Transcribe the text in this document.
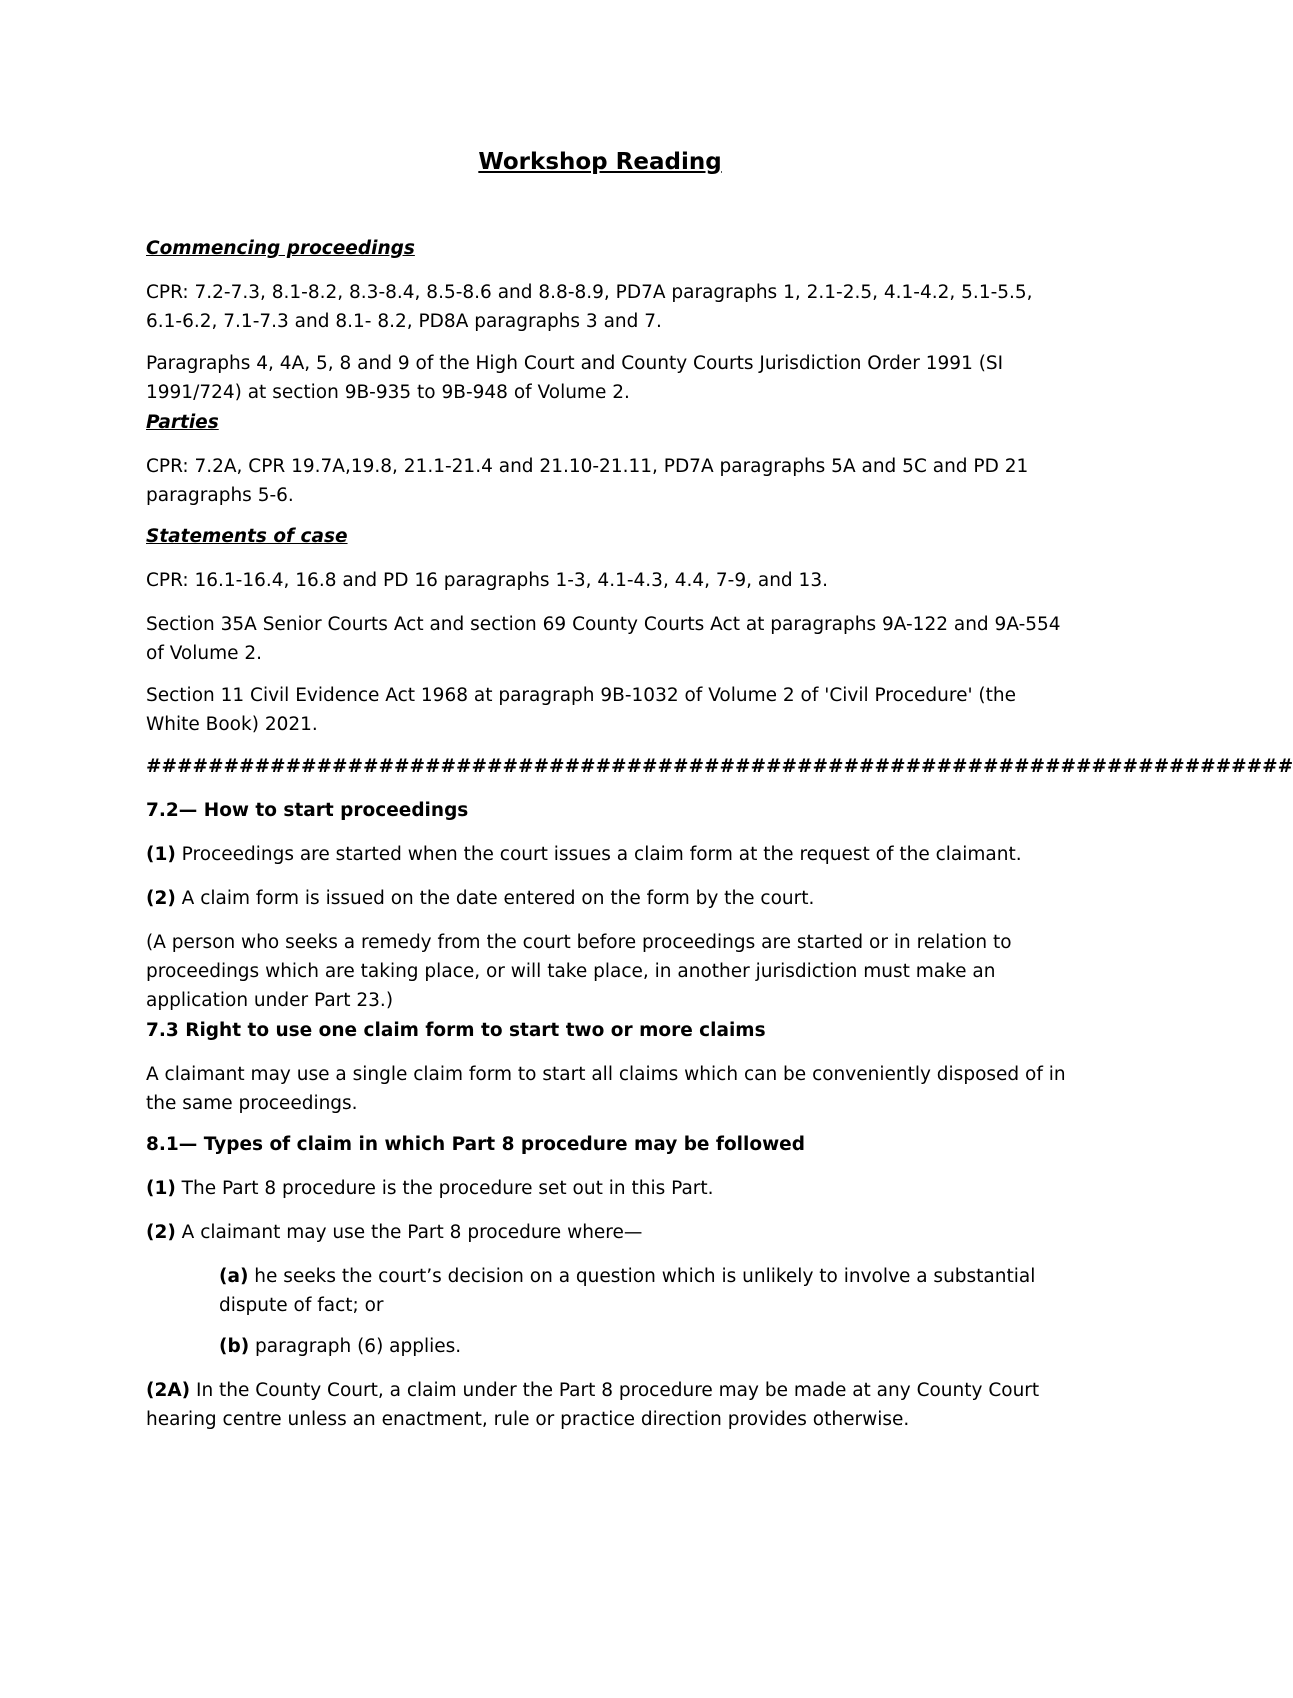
Workshop Reading

Commencing proceedings

CPR: 7.2-7.3, 8.1-8.2, 8.3-8.4, 8.5-8.6 and 8.8-8.9, PD7A paragraphs 1, 2.1-2.5, 4.1-4.2, 5.1-5.5, 6.1-6.2, 7.1-7.3 and 8.1- 8.2, PD8A paragraphs 3 and 7.

Paragraphs 4, 4A, 5, 8 and 9 of the High Court and County Courts Jurisdiction Order 1991 (SI 1991/724) at section 9B-935 to 9B-948 of Volume 2.

Parties

CPR: 7.2A, CPR 19.7A,19.8, 21.1-21.4 and 21.10-21.11, PD7A paragraphs 5A and 5C and PD 21 paragraphs 5-6.

Statements of case

CPR: 16.1-16.4, 16.8 and PD 16 paragraphs 1-3, 4.1-4.3, 4.4, 7-9, and 13.

Section 35A Senior Courts Act and section 69 County Courts Act at paragraphs 9A-122 and 9A-554 of Volume 2.

Section 11 Civil Evidence Act 1968 at paragraph 9B-1032 of Volume 2 of 'Civil Procedure' (the White Book) 2021.

##########################################################################

7.2— How to start proceedings

(1) Proceedings are started when the court issues a claim form at the request of the claimant.

(2) A claim form is issued on the date entered on the form by the court.

(A person who seeks a remedy from the court before proceedings are started or in relation to proceedings which are taking place, or will take place, in another jurisdiction must make an application under Part 23.)

7.3 Right to use one claim form to start two or more claims

A claimant may use a single claim form to start all claims which can be conveniently disposed of in the same proceedings.

8.1— Types of claim in which Part 8 procedure may be followed

(1) The Part 8 procedure is the procedure set out in this Part.

(2) A claimant may use the Part 8 procedure where—

(a) he seeks the court’s decision on a question which is unlikely to involve a substantial dispute of fact; or

(b) paragraph (6) applies.

(2A) In the County Court, a claim under the Part 8 procedure may be made at any County Court hearing centre unless an enactment, rule or practice direction provides otherwise.
